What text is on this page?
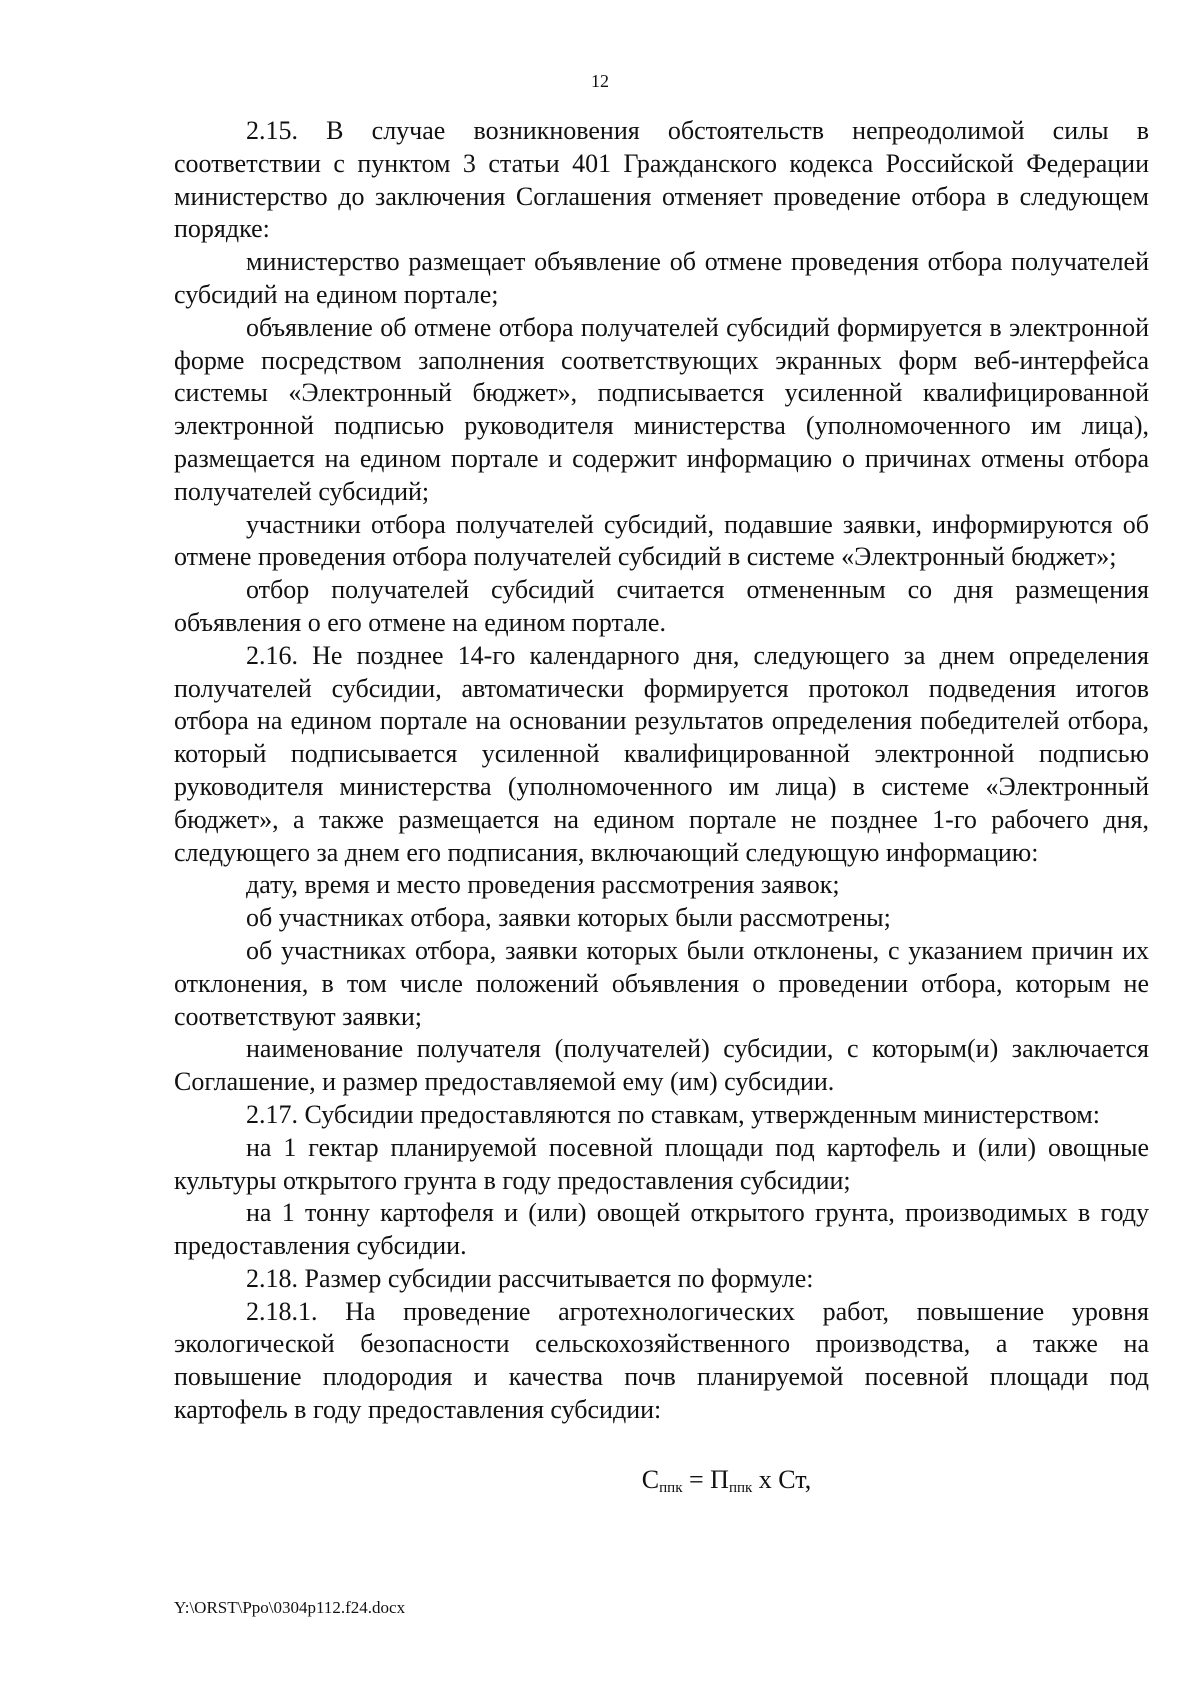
12

2.15. В случае возникновения обстоятельств непреодолимой силы в соответствии с пунктом 3 статьи 401 Гражданского кодекса Российской Федерации министерство до заключения Соглашения отменяет проведение отбора в следующем порядке:

министерство размещает объявление об отмене проведения отбора получателей субсидий на едином портале;

объявление об отмене отбора получателей субсидий формируется в электронной форме посредством заполнения соответствующих экранных форм веб-интерфейса системы «Электронный бюджет», подписывается усиленной квалифицированной электронной подписью руководителя министерства (уполномоченного им лица), размещается на едином портале и содержит информацию о причинах отмены отбора получателей субсидий;

участники отбора получателей субсидий, подавшие заявки, информируются об отмене проведения отбора получателей субсидий в системе «Электронный бюджет»;

отбор получателей субсидий считается отмененным со дня размещения объявления о его отмене на едином портале.

2.16. Не позднее 14-го календарного дня, следующего за днем определения получателей субсидии, автоматически формируется протокол подведения итогов отбора на едином портале на основании результатов определения победителей отбора, который подписывается усиленной квалифицированной электронной подписью руководителя министерства (уполномоченного им лица) в системе «Электронный бюджет», а также размещается на едином портале не позднее 1-го рабочего дня, следующего за днем его подписания, включающий следующую информацию:

дату, время и место проведения рассмотрения заявок;

об участниках отбора, заявки которых были рассмотрены;

об участниках отбора, заявки которых были отклонены, с указанием причин их отклонения, в том числе положений объявления о проведении отбора, которым не соответствуют заявки;

наименование получателя (получателей) субсидии, с которым(и) заключается Соглашение, и размер предоставляемой ему (им) субсидии.

2.17. Субсидии предоставляются по ставкам, утвержденным министерством:

на 1 гектар планируемой посевной площади под картофель и (или) овощные культуры открытого грунта в году предоставления субсидии;

на 1 тонну картофеля и (или) овощей открытого грунта, производимых в году предоставления субсидии.

2.18. Размер субсидии рассчитывается по формуле:

2.18.1. На проведение агротехнологических работ, повышение уровня экологической безопасности сельскохозяйственного производства, а также на повышение плодородия и качества почв планируемой посевной площади под картофель в году предоставления субсидии:

$С_{ппк} = П_{ппк}$ х Ст,
Y:\ORST\Ppo\0304p112.f24.docx
